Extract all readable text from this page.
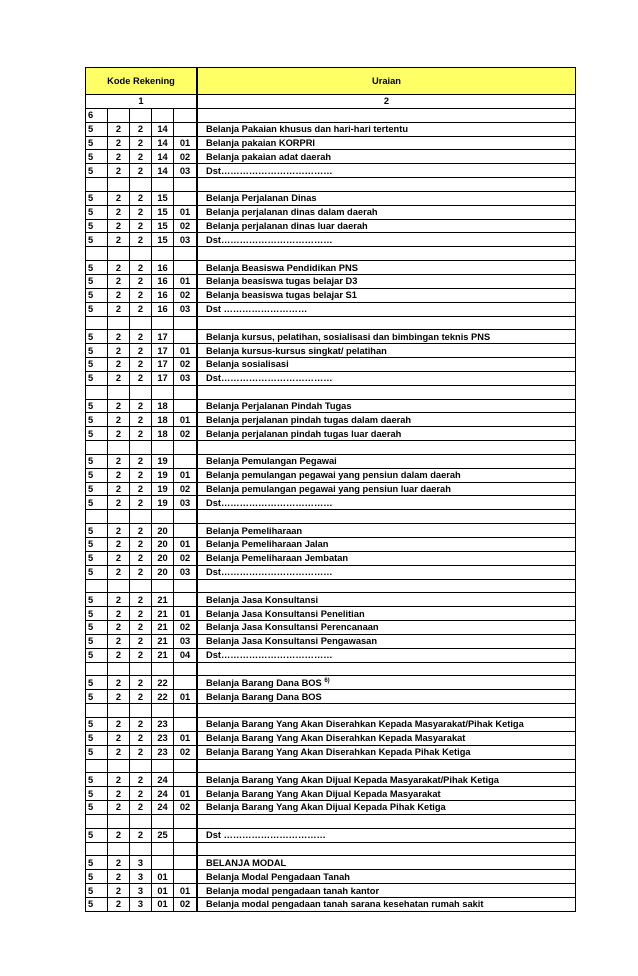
Kode Rekening					Uraian
1					2
6						
5	2	2	14			Belanja Pakaian khusus dan hari-hari tertentu
5	2	2	14	01		Belanja pakaian KORPRI
5	2	2	14	02		Belanja pakaian adat daerah
5	2	2	14	03		Dst………………………………

5	2	2	15			Belanja Perjalanan Dinas
5	2	2	15	01		Belanja perjalanan dinas dalam daerah
5	2	2	15	02		Belanja perjalanan dinas luar daerah
5	2	2	15	03		Dst………………………………

5	2	2	16			Belanja Beasiswa Pendidikan PNS
5	2	2	16	01		Belanja beasiswa tugas belajar D3
5	2	2	16	02		Belanja beasiswa tugas belajar S1
5	2	2	16	03		Dst ………………………

5	2	2	17			Belanja kursus, pelatihan, sosialisasi dan bimbingan teknis PNS
5	2	2	17	01		Belanja kursus-kursus singkat/ pelatihan
5	2	2	17	02		Belanja sosialisasi
5	2	2	17	03		Dst………………………………

5	2	2	18			Belanja Perjalanan Pindah Tugas
5	2	2	18	01		Belanja perjalanan pindah tugas dalam daerah
5	2	2	18	02		Belanja perjalanan pindah tugas luar daerah

5	2	2	19			Belanja Pemulangan Pegawai
5	2	2	19	01		Belanja pemulangan pegawai yang pensiun dalam daerah
5	2	2	19	02		Belanja pemulangan pegawai yang pensiun luar daerah
5	2	2	19	03		Dst………………………………

5	2	2	20			Belanja Pemeliharaan
5	2	2	20	01		Belanja Pemeliharaan Jalan
5	2	2	20	02		Belanja Pemeliharaan Jembatan
5	2	2	20	03		Dst………………………………

5	2	2	21			Belanja Jasa Konsultansi
5	2	2	21	01		Belanja Jasa Konsultansi Penelitian
5	2	2	21	02		Belanja Jasa Konsultansi Perencanaan
5	2	2	21	03		Belanja Jasa Konsultansi Pengawasan
5	2	2	21	04		Dst………………………………

5	2	2	22			Belanja Barang Dana BOS $^{6)}$
5	2	2	22	01		Belanja Barang Dana BOS

5	2	2	23			Belanja Barang Yang Akan Diserahkan Kepada Masyarakat/Pihak Ketiga
5	2	2	23	01		Belanja Barang Yang Akan Diserahkan Kepada Masyarakat
5	2	2	23	02		Belanja Barang Yang Akan Diserahkan Kepada Pihak Ketiga

5	2	2	24			Belanja Barang Yang Akan Dijual Kepada Masyarakat/Pihak Ketiga
5	2	2	24	01		Belanja Barang Yang Akan Dijual Kepada Masyarakat
5	2	2	24	02		Belanja Barang Yang Akan Dijual Kepada Pihak Ketiga

5	2	2	25			Dst ……………………………

5	2	3				BELANJA MODAL
5	2	3	01			Belanja Modal Pengadaan Tanah
5	2	3	01	01		Belanja modal pengadaan tanah kantor
5	2	3	01	02		Belanja modal pengadaan tanah sarana kesehatan rumah sakit
